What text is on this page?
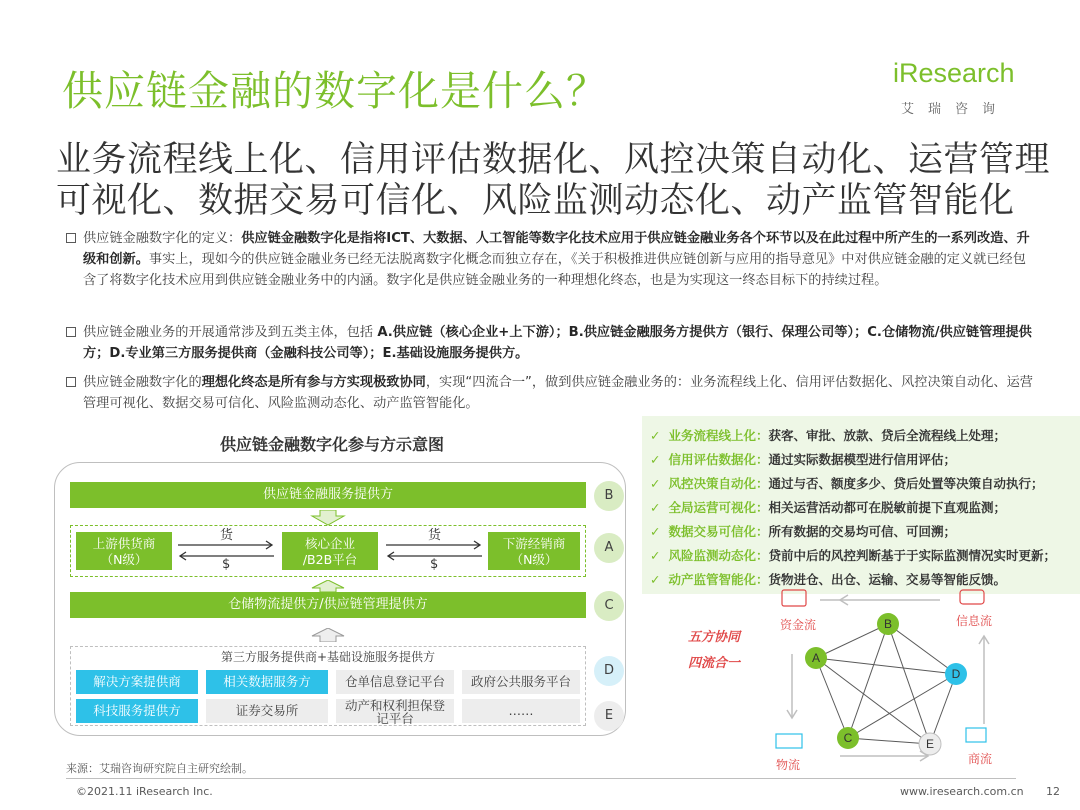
供应链金融的数字化是什么？	iResearch
艾瑞咨询
业务流程线上化、信用评估数据化、风控决策自动化、运营管理
可视化、数据交易可信化、风险监测动态化、动产监管智能化
供应链金融数字化的定义：供应链金融数字化是指将ICT、大数据、人工智能等数字化技术应用于供应链金融业务各个环节以及在此过程中所产生的一系列改造、升级和创新。事实上，现如今的供应链金融业务已经无法脱离数字化概念而独立存在，《关于积极推进供应链创新与应用的指导意见》中对供应链金融的定义就已经包含了将数字化技术应用到供应链金融业务中的内涵。数字化是供应链金融业务的一种理想化终态，也是为实现这一终态目标下的持续过程。
供应链金融业务的开展通常涉及到五类主体，包括 A.供应链（核心企业+上下游）；B.供应链金融服务方提供方（银行、保理公司等）；C.仓储物流/供应链管理提供方；D.专业第三方服务提供商（金融科技公司等）；E.基础设施服务提供方。
供应链金融数字化的理想化终态是所有参与方实现极致协同，实现“四流合一”，做到供应链金融业务的：业务流程线上化、信用评估数据化、风控决策自动化、运营管理可视化、数据交易可信化、风险监测动态化、动产监管智能化。
供应链金融数字化参与方示意图
供应链金融服务提供方	B
上游供货商
（N级）
核心企业
/B2B平台
下游经销商
（N级）
A
货
$
货
$
仓储物流提供方/供应链管理提供方	C
第三方服务提供商+基础设施服务提供方
解决方案提供商	相关数据服务方	仓单信息登记平台	政府公共服务平台
科技服务提供方	证券交易所	动产和权利担保登
记平台
……
D
E
✓ 业务流程线上化：获客、审批、放款、贷后全流程线上处理；
✓ 信用评估数据化：通过实际数据模型进行信用评估；
✓ 风控决策自动化：通过与否、额度多少、贷后处置等决策自动执行；
✓ 全局运营可视化：相关运营活动都可在脱敏前提下直观监测；
✓ 数据交易可信化：所有数据的交易均可信、可回溯；
✓ 风险监测动态化：贷前中后的风控判断基于于实际监测情况实时更新；
✓ 动产监管智能化：货物进仓、出仓、运输、交易等智能反馈。
五方协同
四流合一	A
B
C
D
E
资金流	信息流
物流	商流
来源：艾瑞咨询研究院自主研究绘制。
©2021.11 iResearch Inc.	www.iresearch.com.cn 12
